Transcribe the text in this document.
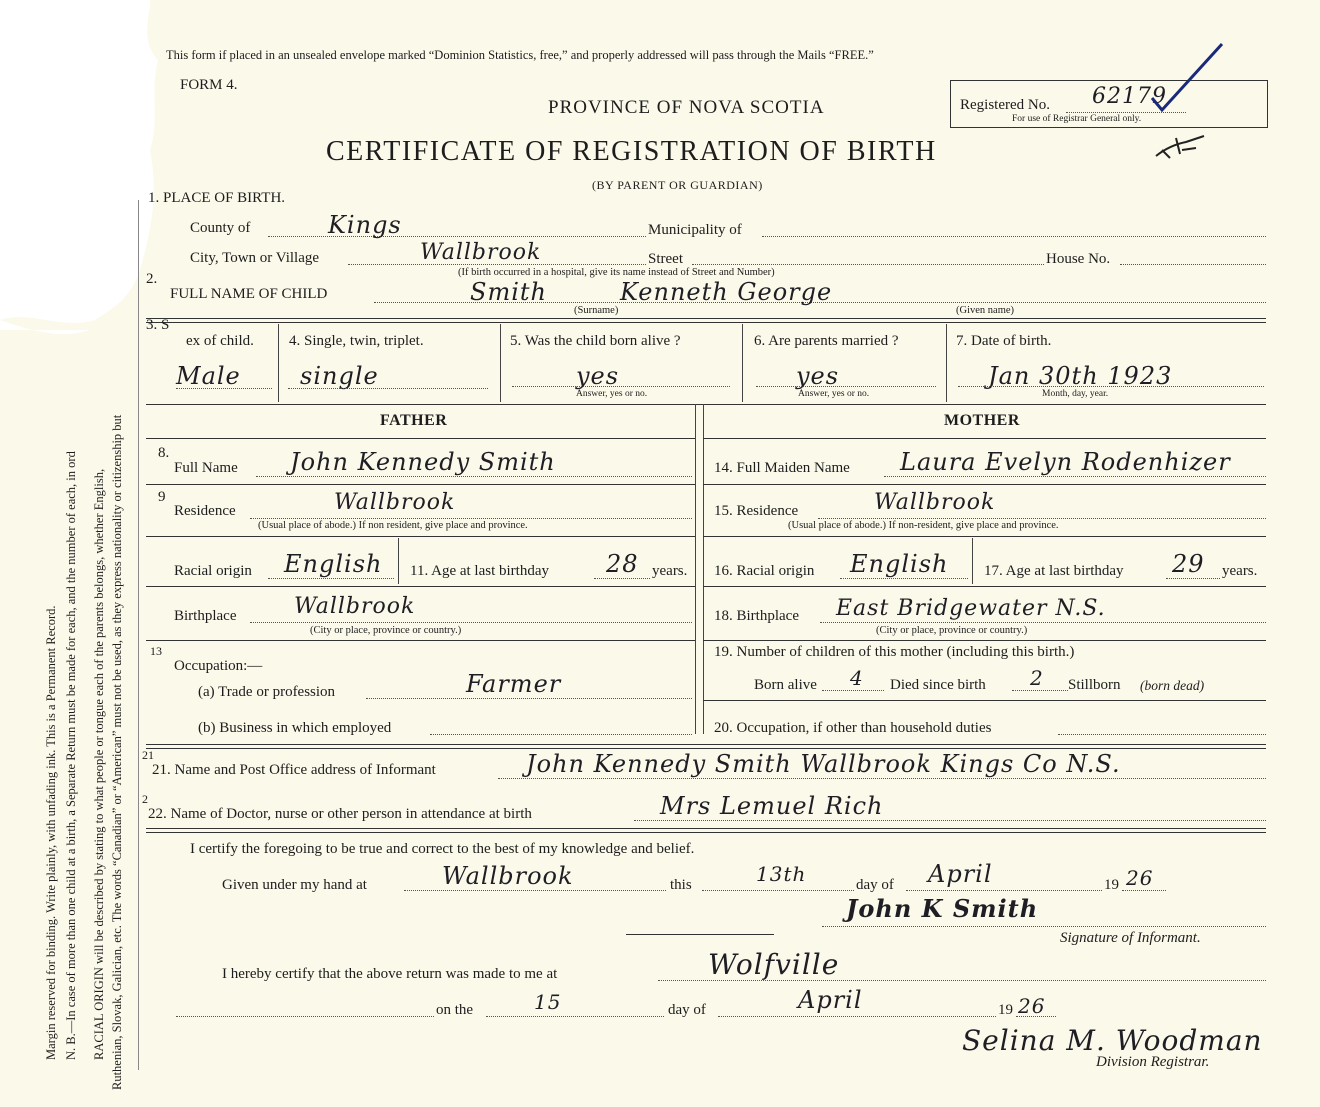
Margin reserved for binding. Write plainly, with unfading ink. This is a Permanent Record. N. B.—In case of more than one child at a birth, a Separate Return must be made for each, and the number of each, in ord RACIAL ORIGIN will be described by stating to what people or tongue each of the parents belongs, whether English, Ruthenian, Slovak, Galician, etc. The words “Canadian” or “American” must not be used, as they express nationality or citizenship but
This form if placed in an unsealed envelope marked “Dominion Statistics, free,” and properly addressed will pass through the Mails “FREE.”
FORM 4.
PROVINCE OF NOVA SCOTIA
CERTIFICATE OF REGISTRATION OF BIRTH
(BY PARENT OR GUARDIAN)
Registered No. 62179
For use of Registrar General only.
1. PLACE OF BIRTH.
County of	Kings	Municipality of
City, Town or Village	Wallbrook	Street	House No.
(If birth occurred in a hospital, give its name instead of Street and Number)
2.
FULL NAME OF CHILD	Smith	Kenneth George
(Surname)	(Given name)
3. S
ex of child.
Male
4. Single, twin, triplet.
single
5. Was the child born alive ?
yes
Answer, yes or no.
6. Are parents married ?
yes
Answer, yes or no.
7. Date of birth.
Jan 30th 1923
Month, day, year.
FATHER	MOTHER
8.
Full Name John Kennedy Smith	14. Full Maiden Name Laura Evelyn Rodenhizer
9
Residence	Wallbrook
(Usual place of abode.) If non resident, give place and province.
15. Residence	Wallbrook
(Usual place of abode.) If non-resident, give place and province.
Racial origin English 11. Age at last birthday 28 years. 16. Racial origin English 17. Age at last birthday 29 years.
Birthplace	Wallbrook
(City or place, province or country.)
18. Birthplace East Bridgewater N.S.
(City or place, province or country.)
13
Occupation:—
(a) Trade or profession	Farmer
(b) Business in which employed
19. Number of children of this mother (including this birth.)
Born alive 4 Died since birth 2 Stillborn (born dead)
20. Occupation, if other than household duties
21
21. Name and Post Office address of Informant	John Kennedy Smith Wallbrook Kings Co N.S.
2
22. Name of Doctor, nurse or other person in attendance at birth	Mrs Lemuel Rich
I certify the foregoing to be true and correct to the best of my knowledge and belief.
Given under my hand at	Wallbrook	this	13th	day of April	19 26
John K Smith
Signature of Informant.
I hereby certify that the above return was made to me at	Wolfville
on the	15	day of	April	19 26
Selina M. Woodman
Division Registrar.
